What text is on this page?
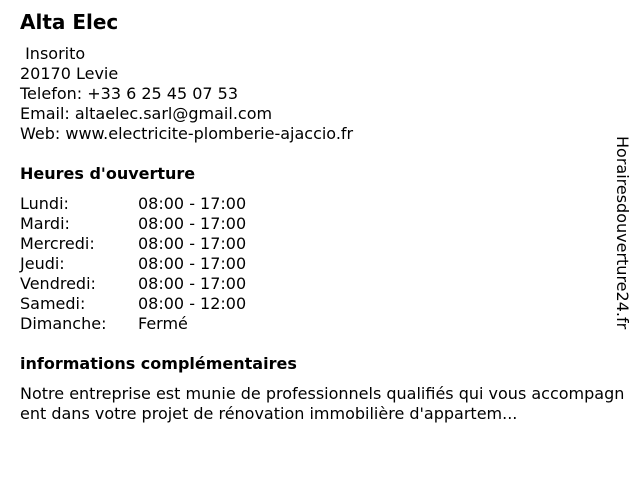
Alta Elec
Insorito
20170 Levie
Telefon: +33 6 25 45 07 53
Email: altaelec.sarl@gmail.com
Web: www.electricite-plomberie-ajaccio.fr
Heures d'ouverture
Lundi:	08:00 - 17:00
Mardi:	08:00 - 17:00
Mercredi:	08:00 - 17:00
Jeudi:	08:00 - 17:00
Vendredi:	08:00 - 17:00
Samedi:	08:00 - 12:00
Dimanche:	Fermé
informations complémentaires
Notre entreprise est munie de professionnels qualifiés qui vous accompagnent dans votre projet de rénovation immobilière d'appartem...
Horairesdouverture24.fr
